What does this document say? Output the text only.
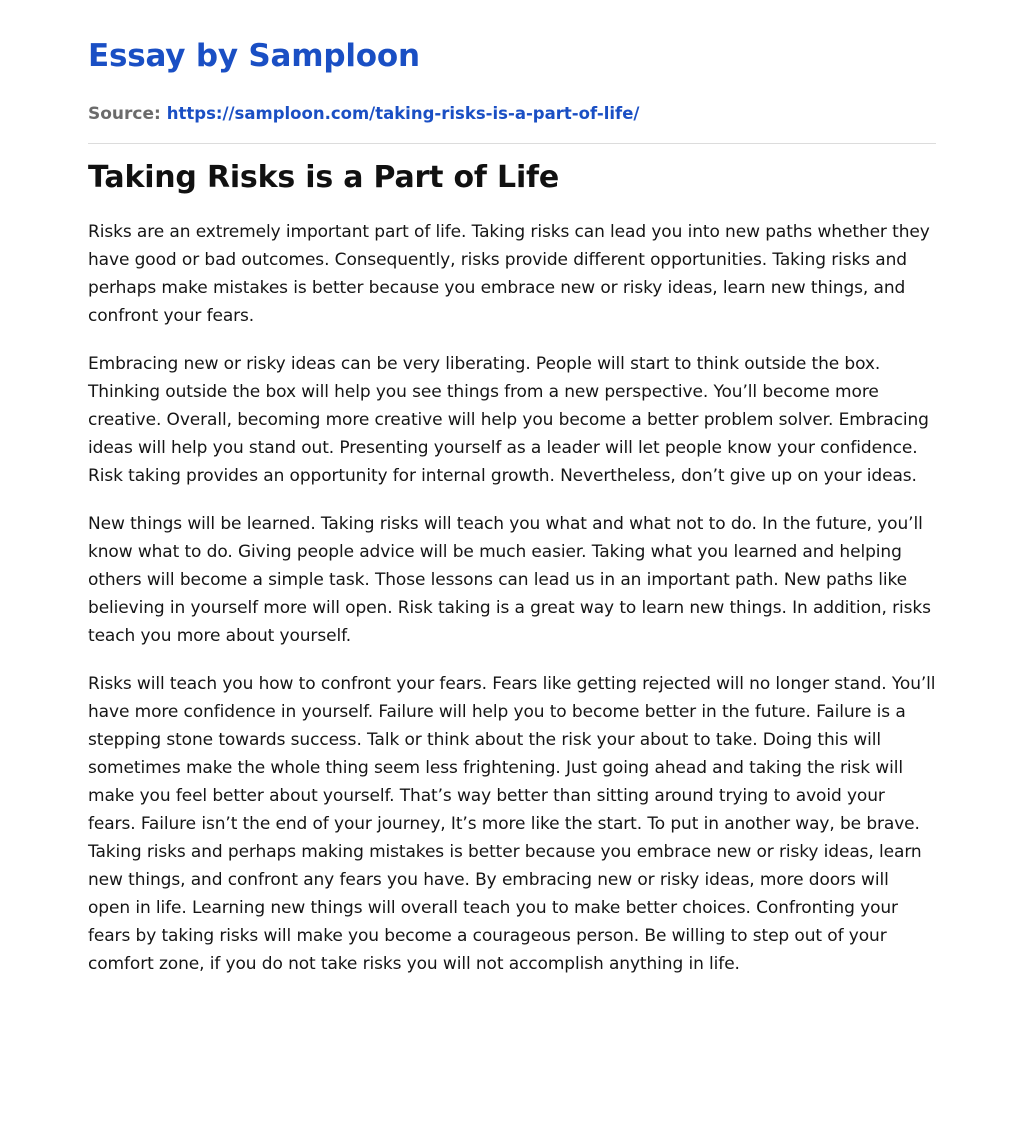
Essay by Samploon
Source: https://samploon.com/taking-risks-is-a-part-of-life/
Taking Risks is a Part of Life

Risks are an extremely important part of life. Taking risks can lead you into new paths whether they have good or bad outcomes. Consequently, risks provide different opportunities. Taking risks and perhaps make mistakes is better because you embrace new or risky ideas, learn new things, and confront your fears.

Embracing new or risky ideas can be very liberating. People will start to think outside the box. Thinking outside the box will help you see things from a new perspective. You’ll become more creative. Overall, becoming more creative will help you become a better problem solver. Embracing ideas will help you stand out. Presenting yourself as a leader will let people know your confidence. Risk taking provides an opportunity for internal growth. Nevertheless, don’t give up on your ideas.

New things will be learned. Taking risks will teach you what and what not to do. In the future, you’ll know what to do. Giving people advice will be much easier. Taking what you learned and helping others will become a simple task. Those lessons can lead us in an important path. New paths like believing in yourself more will open. Risk taking is a great way to learn new things. In addition, risks teach you more about yourself.

Risks will teach you how to confront your fears. Fears like getting rejected will no longer stand. You’ll have more confidence in yourself. Failure will help you to become better in the future. Failure is a stepping stone towards success. Talk or think about the risk your about to take. Doing this will sometimes make the whole thing seem less frightening. Just going ahead and taking the risk will make you feel better about yourself. That’s way better than sitting around trying to avoid your fears. Failure isn’t the end of your journey, It’s more like the start. To put in another way, be brave. Taking risks and perhaps making mistakes is better because you embrace new or risky ideas, learn new things, and confront any fears you have. By embracing new or risky ideas, more doors will open in life. Learning new things will overall teach you to make better choices. Confronting your fears by taking risks will make you become a courageous person. Be willing to step out of your comfort zone, if you do not take risks you will not accomplish anything in life.
